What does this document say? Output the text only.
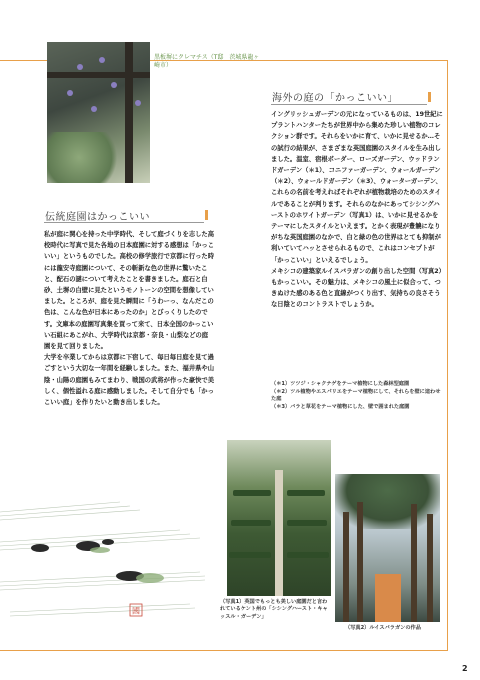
黒板塀にクレマチス（T邸　茨城県龍ヶ崎市）
伝統庭園はかっこいい

私が庭に関心を持った中学時代、そして庭づくりを志した高校時代に写真で見た各地の日本庭園に対する感想は「かっこいい」というものでした。高校の修学旅行で京都に行った時には龍安寺庭園について、その斬新な色の世界に驚いたこと、配石の謎について考えたことを書きました。庭石と白砂、土塀の白壁に見たというモノトーンの空間を想像していました。ところが、庭を見た瞬間に「うわーっ、なんだこの色は、こんな色が日本にあったのか」とびっくりしたのです。文庫本の庭園写真集を買って来て、日本全国のかっこいい石組にあこがれ、大学時代は京都・奈良・山梨などの庭園を見て回りました。

大学を卒業してからは京都に下宿して、毎日毎日庭を見て過ごすという大切な一年間を経験しました。また、福井県や山陰・山陽の庭園もみてまわり、戦国の武将が作った豪快で美しく、個性溢れる庭に感動しました。そして自分でも「かっこいい庭」を作りたいと動き出しました。

海外の庭の「かっこいい」

イングリッシュガーデンの元になっているものは、19世紀にプラントハンターたちが世界中から集めた珍しい植物のコレクション群です。それらをいかに育て、いかに見せるか…その試行の結果が、さまざまな英国庭園のスタイルを生み出しました。温室、宿根ボーダー、ローズガーデン、ウッドランドガーデン（＊1）、コニファーガーデン、ウォールガーデン（＊2）、ウォールドガーデン（＊3）、ウォーターガーデン、これらの名前を考えればそれぞれが植物栽培のためのスタイルであることが判ります。それらのなかにあってシシングハーストのホワイトガーデン（写真1）は、いかに見せるかをテーマにしたスタイルといえます。とかく表現が豊饒になりがちな英国庭園のなかで、白と緑の色の世界はとても抑制が利いていてハッとさせられるもので、これはコンセプトが「かっこいい」といえるでしょう。

メキシコの建築家ルイスバラガンの創り出した空間（写真2）もかっこいい。その魅力は、メキシコの風土に似合って、つきぬけた感のある色と直線がつくり出す、気持ちの良さそうな日陰とのコントラストでしょうか。

（＊1）ツツジ・シャクナゲをテーマ植物にした森林型庭園

（＊2）ツル植物やエスパリエをテーマ植物にして、それらを壁に這わせた庭

（＊3）バラと草花をテーマ植物にした、壁で囲まれた庭園

（写真1）英国でもっとも美しい庭園だと言われているケント州の「シシングハースト・キャッスル・ガーデン」
（写真2）ルイスバラガンの作品
國
2
